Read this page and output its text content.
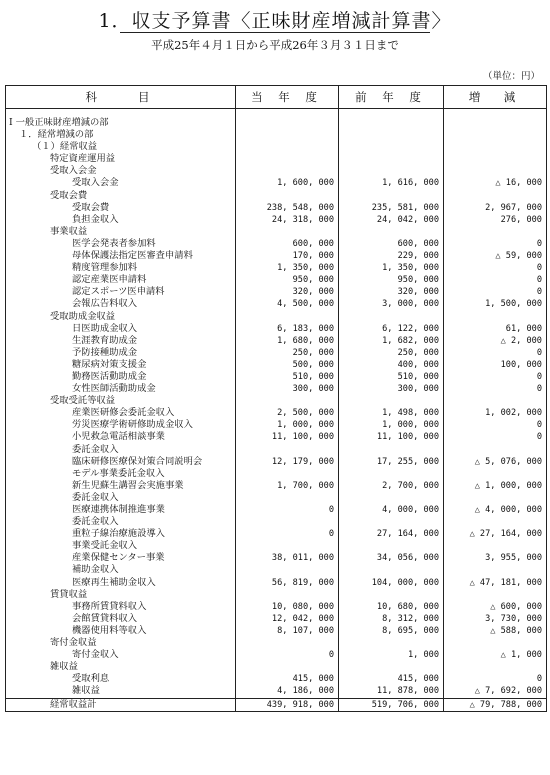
1．収支予算書〈正味財産増減計算書〉
平成25年４月１日から平成26年３月３１日まで
（単位：円）
科　　目	当 年 度	前 年 度	増　減

Ⅰ 一般正味財産増減の部			
１．経常増減の部			
（１）経常収益			
特定資産運用益			
受取入会金			
受取入会金	1, 600, 000	1, 616, 000	△ 16, 000
受取会費			
受取会費	238, 548, 000	235, 581, 000	2, 967, 000
負担金収入	24, 318, 000	24, 042, 000	276, 000
事業収益			
医学会発表者参加料	600, 000	600, 000	0
母体保護法指定医審査申請料	170, 000	229, 000	△ 59, 000
精度管理参加料	1, 350, 000	1, 350, 000	0
認定産業医申請料	950, 000	950, 000	0
認定スポーツ医申請料	320, 000	320, 000	0
会報広告料収入	4, 500, 000	3, 000, 000	1, 500, 000
受取助成金収益			
日医助成金収入	6, 183, 000	6, 122, 000	61, 000
生涯教育助成金	1, 680, 000	1, 682, 000	△ 2, 000
予防接種助成金	250, 000	250, 000	0
糖尿病対策支援金	500, 000	400, 000	100, 000
勤務医活動助成金	510, 000	510, 000	0
女性医師活動助成金	300, 000	300, 000	0
受取受託等収益			
産業医研修会委託金収入	2, 500, 000	1, 498, 000	1, 002, 000
労災医療学術研修助成金収入	1, 000, 000	1, 000, 000	0
小児救急電話相談事業
委託金収入	11, 100, 000	11, 100, 000	0
臨床研修医療保対策合同説明会
モデル事業委託金収入	12, 179, 000	17, 255, 000	△ 5, 076, 000
新生児蘇生講習会実施事業
委託金収入	1, 700, 000	2, 700, 000	△ 1, 000, 000
医療連携体制推進事業
委託金収入	0	4, 000, 000	△ 4, 000, 000
重粒子線治療施設導入
事業受託金収入	0	27, 164, 000	△ 27, 164, 000
産業保健センター事業
補助金収入	38, 011, 000	34, 056, 000	3, 955, 000
医療再生補助金収入	56, 819, 000	104, 000, 000	△ 47, 181, 000
賃貸収益			
事務所賃貸料収入	10, 080, 000	10, 680, 000	△ 600, 000
会館賃貸料収入	12, 042, 000	8, 312, 000	3, 730, 000
機器使用料等収入	8, 107, 000	8, 695, 000	△ 588, 000
寄付金収益			
寄付金収入	0	1, 000	△ 1, 000
雑収益			
受取利息	415, 000	415, 000	0
雑収益	4, 186, 000	11, 878, 000	△ 7, 692, 000
経常収益計	439, 918, 000	519, 706, 000	△ 79, 788, 000
